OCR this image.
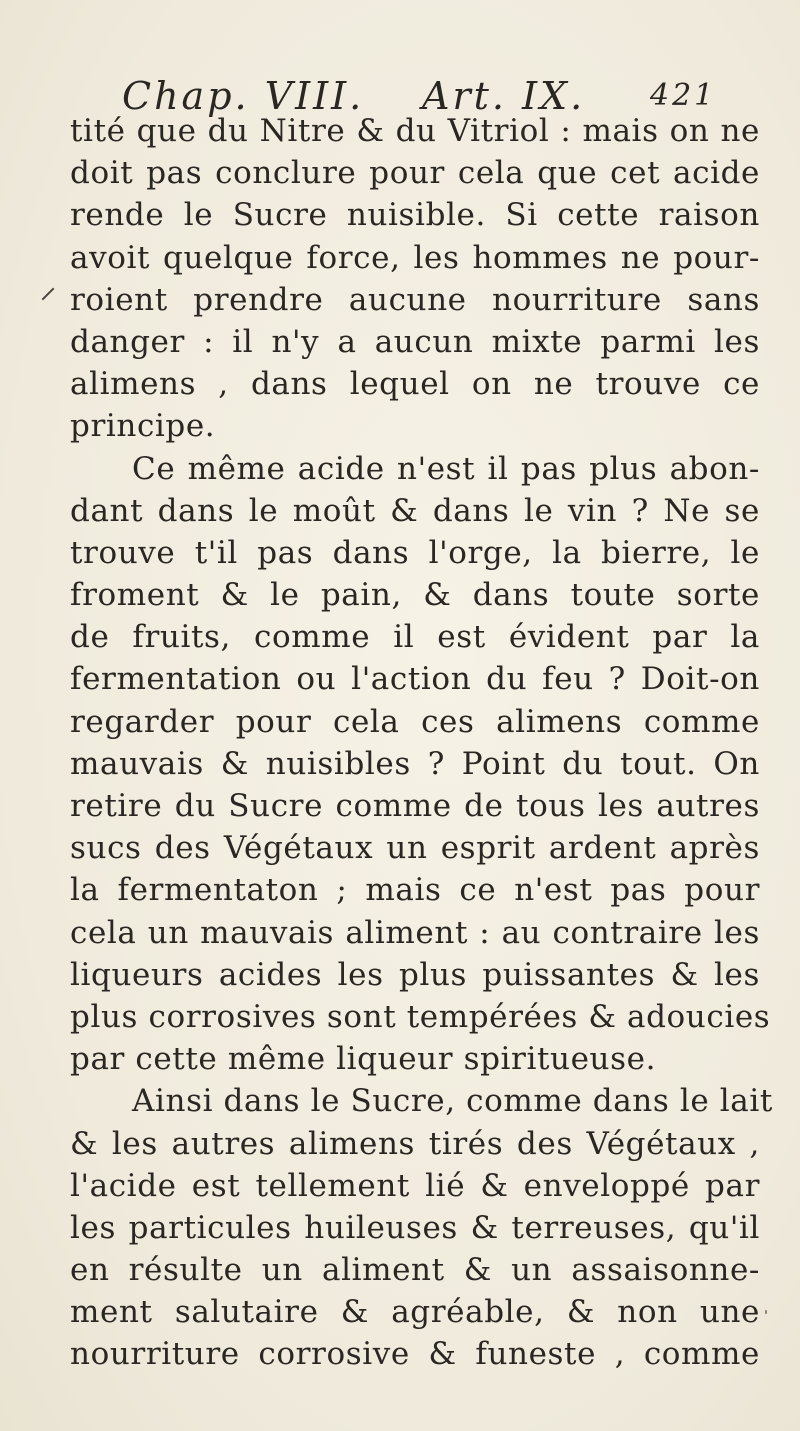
Chap. VIII. Art. IX. 421
tité que du Nitre & du Vitriol : mais on ne
doit pas conclure pour cela que cet acide
rende le Sucre nuisible. Si cette raison
avoit quelque force, les hommes ne pour-
roient prendre aucune nourriture sans
danger : il n'y a aucun mixte parmi les
alimens , dans lequel on ne trouve ce
principe.
Ce même acide n'est il pas plus abon-
dant dans le moût & dans le vin ? Ne se
trouve t'il pas dans l'orge, la bierre, le
froment & le pain, & dans toute sorte
de fruits, comme il est évident par la
fermentation ou l'action du feu ? Doit-on
regarder pour cela ces alimens comme
mauvais & nuisibles ? Point du tout. On
retire du Sucre comme de tous les autres
sucs des Végétaux un esprit ardent après
la fermentaton ; mais ce n'est pas pour
cela un mauvais aliment : au contraire les
liqueurs acides les plus puissantes & les
plus corrosives sont tempérées & adoucies
par cette même liqueur spiritueuse.
Ainsi dans le Sucre, comme dans le lait
& les autres alimens tirés des Végétaux ,
l'acide est tellement lié & enveloppé par
les particules huileuses & terreuses, qu'il
en résulte un aliment & un assaisonne-
ment salutaire & agréable, & non une
nourriture corrosive & funeste , comme
